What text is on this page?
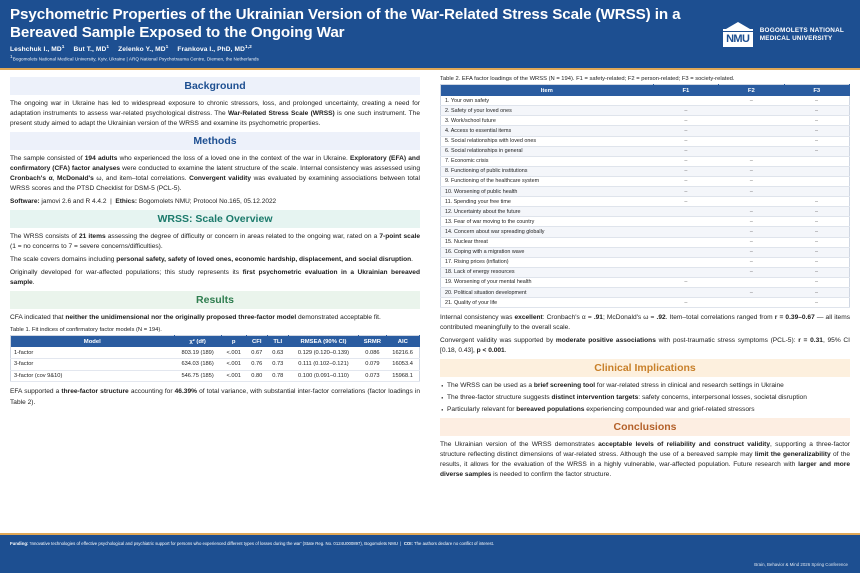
Psychometric Properties of the Ukrainian Version of the War-Related Stress Scale (WRSS) in a Bereaved Sample Exposed to the Ongoing War
Leshchuk I., $MD^1$ But T., $MD^1$ Zelenko Y., $MD^1$ Frankova I., PhD, MD$^{1,2}$
$^1$Bogomolets National Medical University, Kyiv, Ukraine | ARQ National Psychotrauma Centre, Diemen, the Netherlands
NMU
BOGOMOLETS NATIONAL
MEDICAL UNIVERSITY
Background

The ongoing war in Ukraine has led to widespread exposure to chronic stressors, loss, and prolonged uncertainty, creating a need for adaptation instruments to assess war-related psychological distress. The War-Related Stress Scale (WRSS) is one such instrument. The present study aimed to adapt the Ukrainian version of the WRSS and examine its psychometric properties.

Methods

The sample consisted of 194 adults who experienced the loss of a loved one in the context of the war in Ukraine. Exploratory (EFA) and confirmatory (CFA) factor analyses were conducted to examine the latent structure of the scale. Internal consistency was assessed using Cronbach's α, McDonald's ω, and item–total correlations. Convergent validity was evaluated by examining associations between total WRSS scores and the PTSD Checklist for DSM-5 (PCL-5).

Software: jamovi 2.6 and R 4.4.2  |  Ethics: Bogomolets NMU; Protocol No.165, 05.12.2022
WRSS: Scale Overview

The WRSS consists of 21 items assessing the degree of difficulty or concern in areas related to the ongoing war, rated on a 7-point scale (1 = no concerns to 7 = severe concerns/difficulties).

The scale covers domains including personal safety, safety of loved ones, economic hardship, displacement, and social disruption.

Originally developed for war-affected populations; this study represents its first psychometric evaluation in a Ukrainian bereaved sample.

Results

CFA indicated that neither the unidimensional nor the originally proposed three-factor model demonstrated acceptable fit.

Table 1. Fit indices of confirmatory factor models (N = 194).
Model	χ² (df)	p	CFI	TLI	RMSEA (90% CI)	SRMR	AIC
1-factor	803.19 (189)	<.001	0.67	0.63	0.129 (0.120–0.139)	0.086	16216.6
3-factor	634.03 (186)	<.001	0.76	0.73	0.111 (0.102–0.121)	0.079	16053.4
3-factor (cov 9&10)	546.75 (185)	<.001	0.80	0.78	0.100 (0.091–0.110)	0.073	15968.1

EFA supported a three-factor structure accounting for 46.39% of total variance, with substantial inter-factor correlations (factor loadings in Table 2).

Table 2. EFA factor loadings of the WRSS (N = 194). F1 = safety-related; F2 = person-related; F3 = society-related.
Item	F1	F2	F3
1. Your own safety		–	–
2. Safety of your loved ones	–		–
3. Work/school future	–		–
4. Access to essential items	–		–
5. Social relationships with loved ones	–		–
6. Social relationships in general	–		–
7. Economic crisis	–	–	
8. Functioning of public institutions	–	–	
9. Functioning of the healthcare system	–	–	
10. Worsening of public health	–	–	
11. Spending your free time	–		–
12. Uncertainty about the future		–	–
13. Fear of war moving to the country		–	–
14. Concern about war spreading globally		–	–
15. Nuclear threat		–	–
16. Coping with a migration wave		–	–
17. Rising prices (inflation)		–	–
18. Lack of energy resources		–	–
19. Worsening of your mental health	–		–
20. Political situation development		–	–
21. Quality of your life	–		–

Internal consistency was excellent: Cronbach's α = .91; McDonald's ω = .92. Item–total correlations ranged from r = 0.39–0.67 — all items contributed meaningfully to the overall scale.

Convergent validity was supported by moderate positive associations with post-traumatic stress symptoms (PCL-5): r = 0.31, 95% CI [0.18, 0.43], p < 0.001.

Clinical Implications
· The WRSS can be used as a brief screening tool for war-related stress in clinical and research settings in Ukraine
· The three-factor structure suggests distinct intervention targets: safety concerns, interpersonal losses, societal disruption
· Particularly relevant for bereaved populations experiencing compounded war and grief-related stressors
Conclusions

The Ukrainian version of the WRSS demonstrates acceptable levels of reliability and construct validity, supporting a three-factor structure reflecting distinct dimensions of war-related stress. Although the use of a bereaved sample may limit the generalizability of the results, it allows for the evaluation of the WRSS in a highly vulnerable, war-affected population. Future research with larger and more diverse samples is needed to confirm the factor structure.

Funding: 'Innovative technologies of effective psychological and psychiatric support for persons who experienced different types of losses during the war' (State Reg. No. 0124U000897), Bogomolets NMU  |  COI: The authors declare no conflict of interest.
Brain, Behavior & Mind 2026 Spring Conference
